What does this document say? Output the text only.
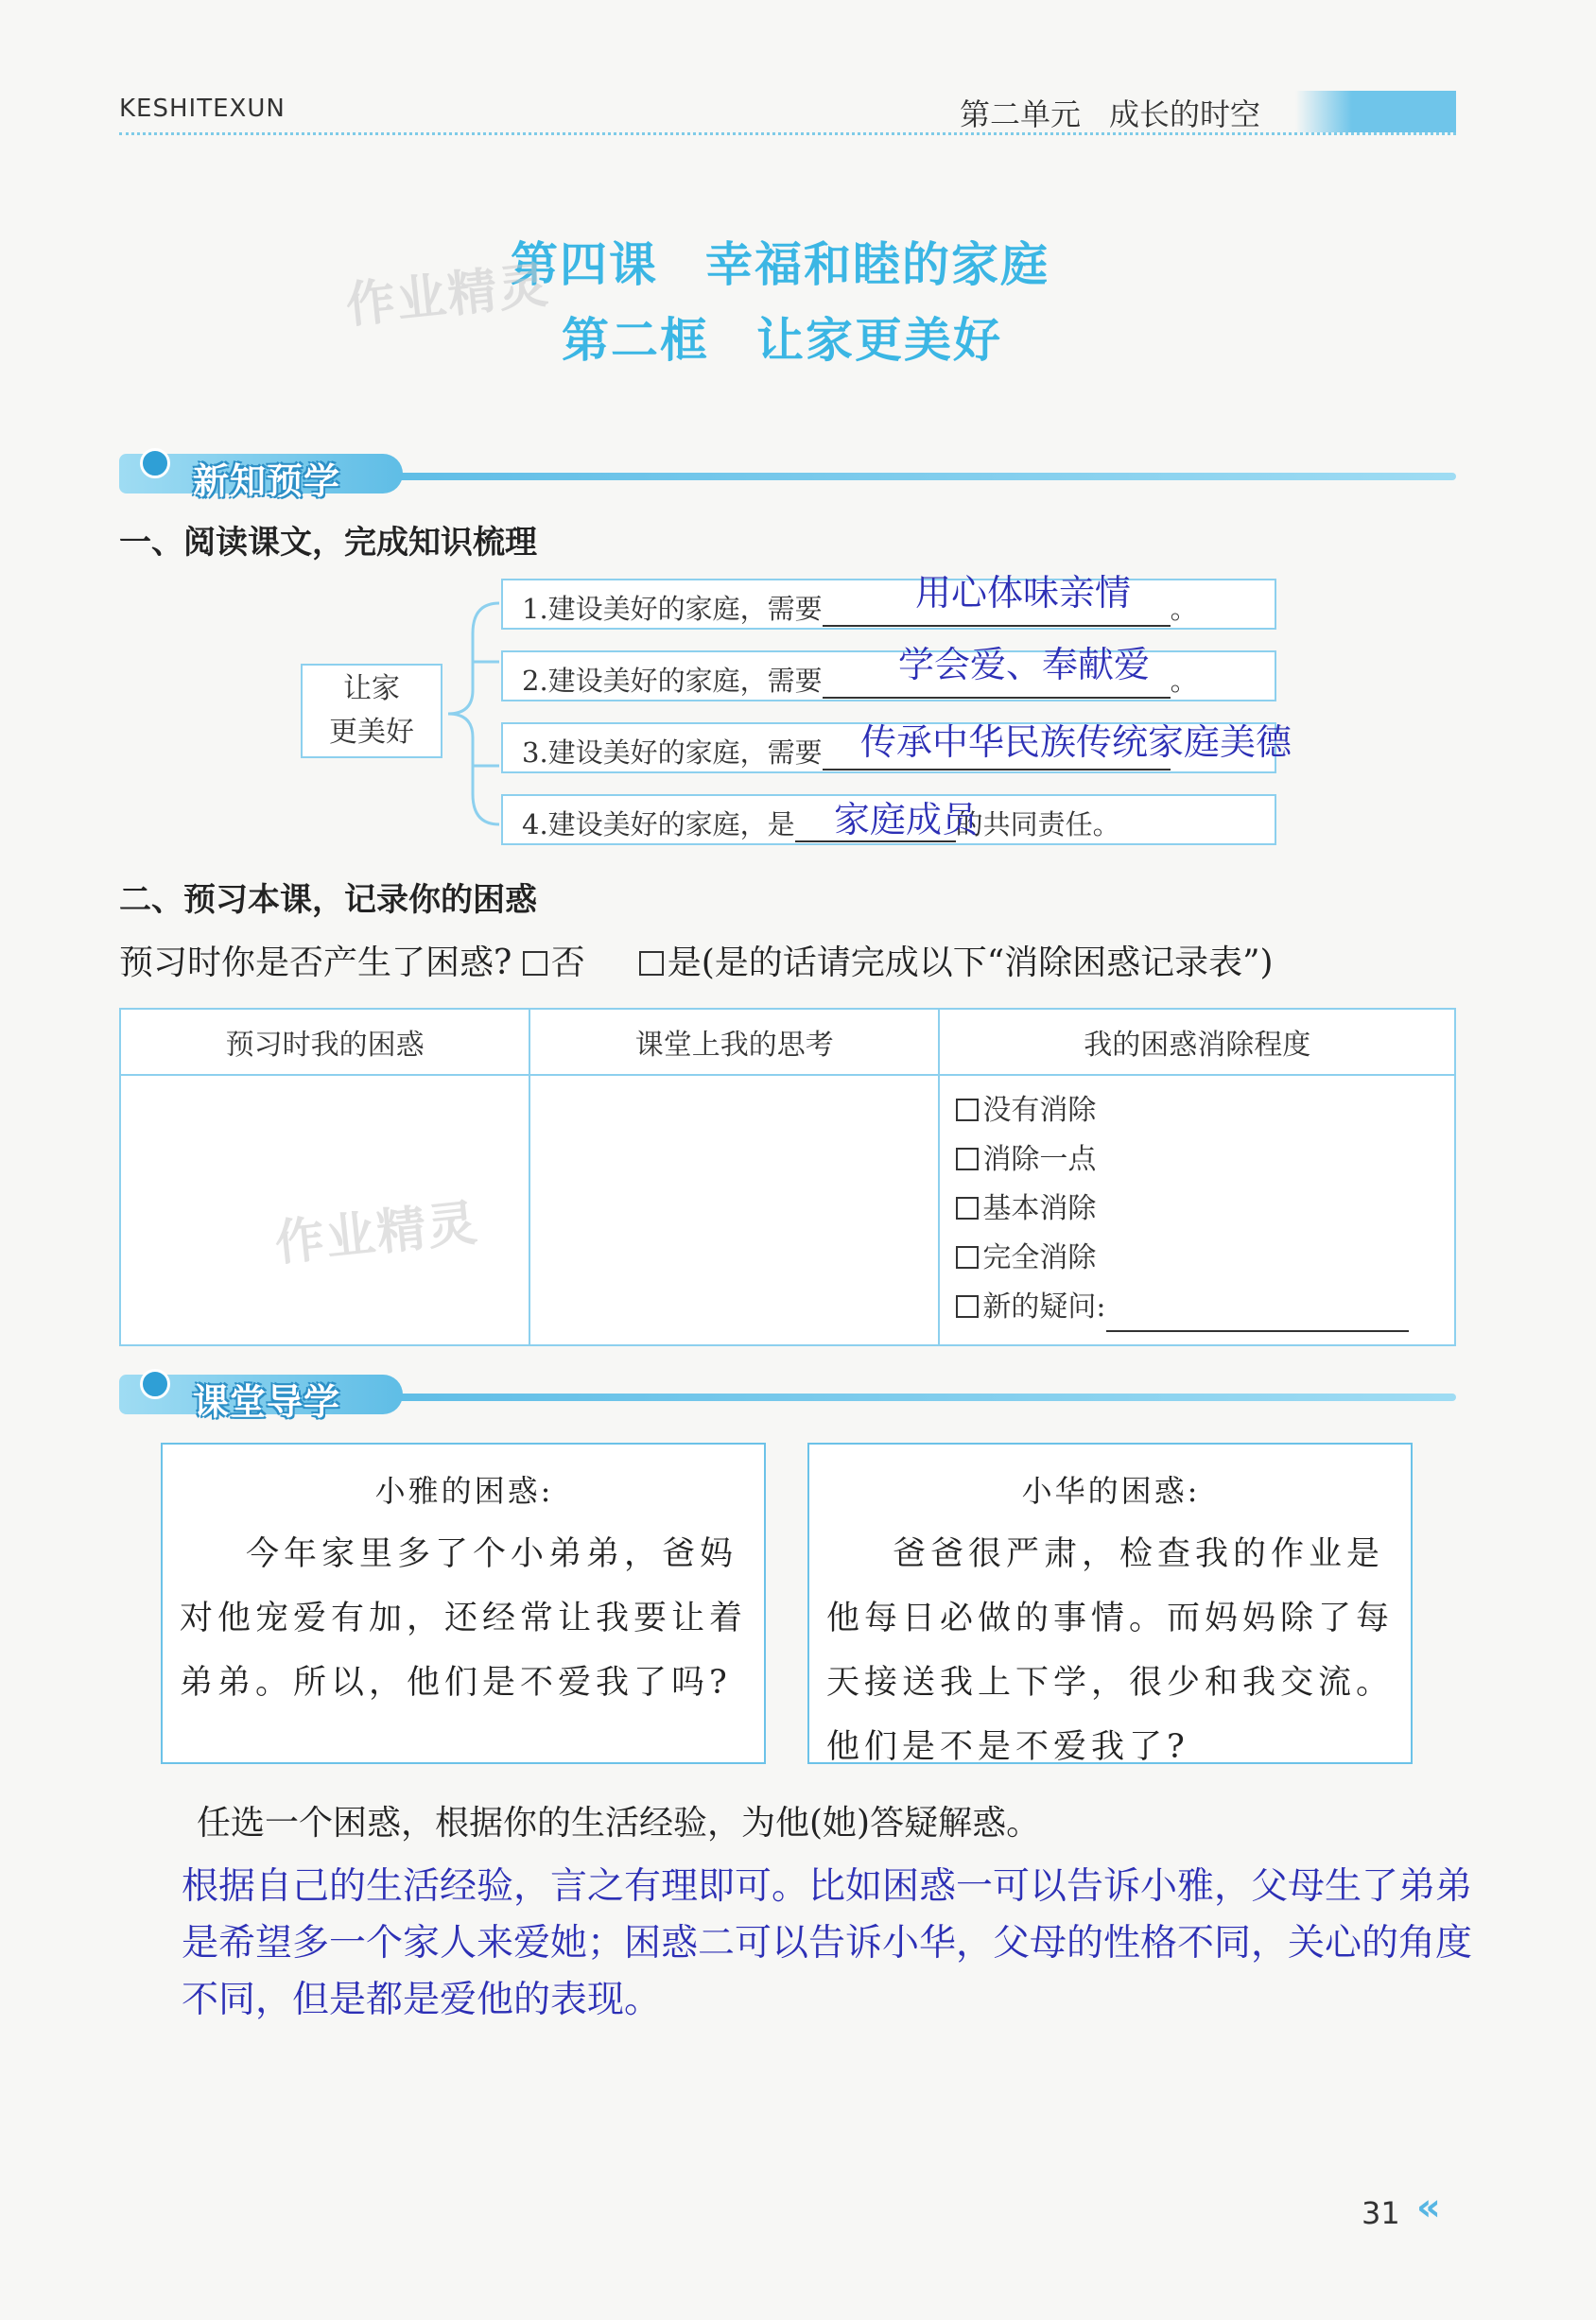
KESHITEXUN	第二单元 成长的时空
第四课 幸福和睦的家庭
第二框 让家更美好
作业精灵
新知预学
一、阅读课文，完成知识梳理
让家
更美好
1.建设美好的家庭，需要	。
用心体味亲情
2.建设美好的家庭，需要	。
学会爱、奉献爱
3.建设美好的家庭，需要	传承中华民族传统家庭美德
4.建设美好的家庭，是	的共同责任。
家庭成员
二、预习本课，记录你的困惑
预习时你是否产生了困惑? 否 是(是的话请完成以下“消除困惑记录表”)
预习时我的困惑	课堂上我的思考	我的困惑消除程度

		没有消除
消除一点
基本消除
完全消除
新的疑问:
作业精灵
课堂导学
小雅的困惑:
今年家里多了个小弟弟，爸妈对他宠爱有加，还经常让我要让着弟弟。所以，他们是不爱我了吗?
小华的困惑:
爸爸很严肃，检查我的作业是他每日必做的事情。而妈妈除了每天接送我上下学，很少和我交流。他们是不是不爱我了?
任选一个困惑，根据你的生活经验，为他(她)答疑解惑。
根据自己的生活经验，言之有理即可。比如困惑一可以告诉小雅，父母生了弟弟是希望多一个家人来爱她；困惑二可以告诉小华，父母的性格不同，关心的角度不同，但是都是爱他的表现。
31 «
